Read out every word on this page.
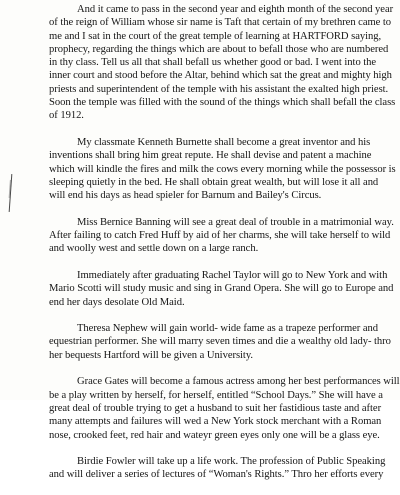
And it came to pass in the second year and eighth month of the second year
of the reign of William whose sir name is Taft that certain of my brethren came to
me and I sat in the court of the great temple of learning at HARTFORD saying,
prophecy, regarding the things which are about to befall those who are numbered
in thy class. Tell us all that shall befall us whether good or bad. I went into the
inner court and stood before the Altar, behind which sat the great and mighty high
priests and superintendent of the temple with his assistant the exalted high priest.
Soon the temple was filled with the sound of the things which shall befall the class
of 1912.

My classmate Kenneth Burnette shall become a great inventor and his
inventions shall bring him great repute. He shall devise and patent a machine
which will kindle the fires and milk the cows every morning while the possessor is
sleeping quietly in the bed. He shall obtain great wealth, but will lose it all and
will end his days as head spieler for Barnum and Bailey's Circus.

Miss Bernice Banning will see a great deal of trouble in a matrimonial way.
After failing to catch Fred Huff by aid of her charms, she will take herself to wild
and woolly west and settle down on a large ranch.

Immediately after graduating Rachel Taylor will go to New York and with
Mario Scotti will study music and sing in Grand Opera. She will go to Europe and
end her days desolate Old Maid.

Theresa Nephew will gain world- wide fame as a trapeze performer and
equestrian performer. She will marry seven times and die a wealthy old lady- thro
her bequests Hartford will be given a University.

Grace Gates will become a famous actress among her best performances will
be a play written by herself, for herself, entitled “School Days.” She will have a
great deal of trouble trying to get a husband to suit her fastidious taste and after
many attempts and failures will wed a New York stock merchant with a Roman
nose, crooked feet, red hair and wateyr green eyes only one will be a glass eye.

Birdie Fowler will take up a life work. The profession of Public Speaking
and will deliver a series of lectures of “Woman's Rights.” Thro her efforts every
